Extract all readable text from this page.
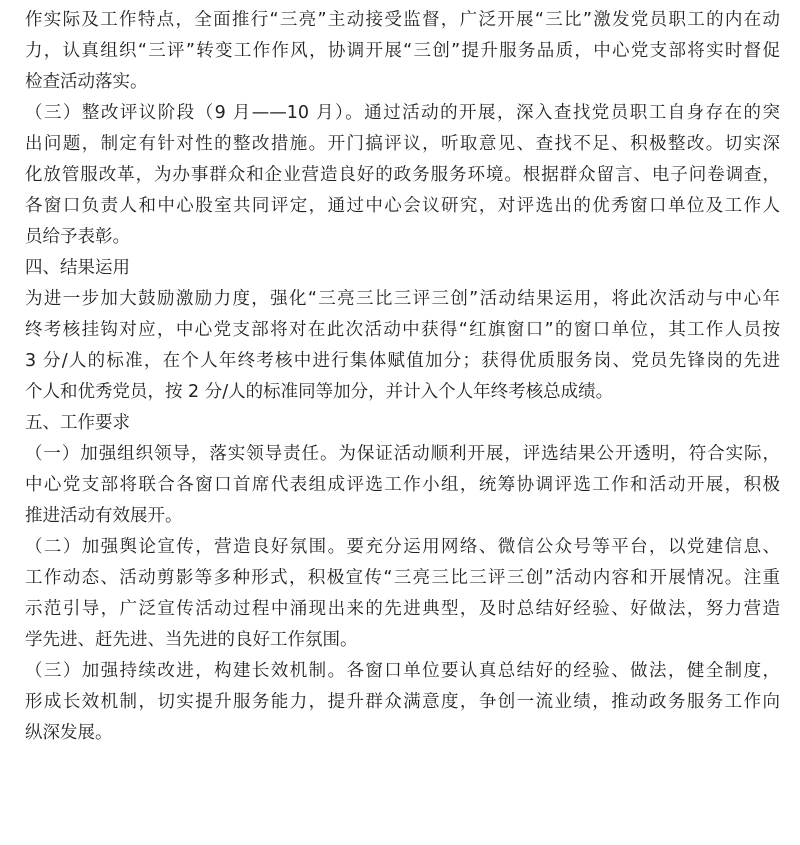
作实际及工作特点，全面推行“三亮”主动接受监督，广泛开展“三比”激发党员职工的内在动
力，认真组织“三评”转变工作作风，协调开展“三创”提升服务品质，中心党支部将实时督促
检查活动落实。
（三）整改评议阶段（9 月——10 月）。通过活动的开展，深入查找党员职工自身存在的突
出问题，制定有针对性的整改措施。开门搞评议，听取意见、查找不足、积极整改。切实深
化放管服改革，为办事群众和企业营造良好的政务服务环境。根据群众留言、电子问卷调查，
各窗口负责人和中心股室共同评定，通过中心会议研究，对评选出的优秀窗口单位及工作人
员给予表彰。
四、结果运用
为进一步加大鼓励激励力度，强化“三亮三比三评三创”活动结果运用，将此次活动与中心年
终考核挂钩对应，中心党支部将对在此次活动中获得“红旗窗口”的窗口单位，其工作人员按
3 分/人的标准，在个人年终考核中进行集体赋值加分；获得优质服务岗、党员先锋岗的先进
个人和优秀党员，按 2 分/人的标准同等加分，并计入个人年终考核总成绩。
五、工作要求
（一）加强组织领导，落实领导责任。为保证活动顺利开展，评选结果公开透明，符合实际，
中心党支部将联合各窗口首席代表组成评选工作小组，统筹协调评选工作和活动开展，积极
推进活动有效展开。
（二）加强舆论宣传，营造良好氛围。要充分运用网络、微信公众号等平台，以党建信息、
工作动态、活动剪影等多种形式，积极宣传“三亮三比三评三创”活动内容和开展情况。注重
示范引导，广泛宣传活动过程中涌现出来的先进典型，及时总结好经验、好做法，努力营造
学先进、赶先进、当先进的良好工作氛围。
（三）加强持续改进，构建长效机制。各窗口单位要认真总结好的经验、做法，健全制度，
形成长效机制，切实提升服务能力，提升群众满意度，争创一流业绩，推动政务服务工作向
纵深发展。
